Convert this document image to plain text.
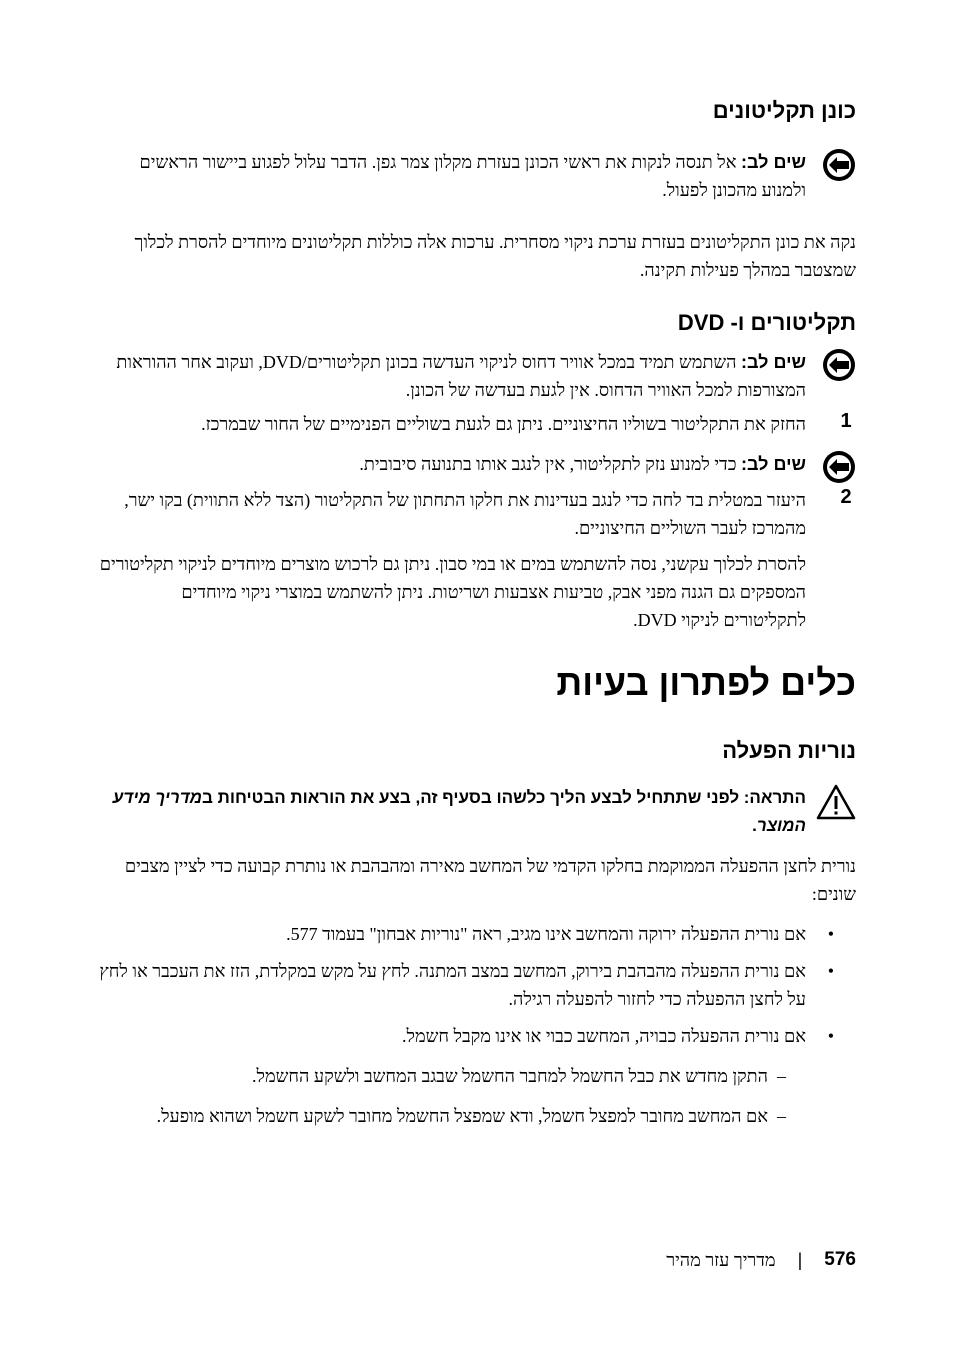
כונן תקליטונים
שים לב: אל תנסה לנקות את ראשי הכונן בעזרת מקלון צמר גפן. הדבר עלול לפגוע ביישור הראשים ולמנוע מהכונן לפעול.
נקה את כונן התקליטונים בעזרת ערכת ניקוי מסחרית. ערכות אלה כוללות תקליטונים מיוחדים להסרת לכלוך שמצטבר במהלך פעילות תקינה.
תקליטורים ו- DVD
שים לב: השתמש תמיד במכל אוויר דחוס לניקוי העדשה בכונן תקליטורים/DVD, ועקוב אחר ההוראות המצורפות למכל האוויר הדחוס. אין לגעת בעדשה של הכונן.
1
החזק את התקליטור בשוליו החיצוניים. ניתן גם לגעת בשוליים הפנימיים של החור שבמרכז.
שים לב: כדי למנוע נזק לתקליטור, אין לנגב אותו בתנועה סיבובית.
2
היעזר במטלית בד לחה כדי לנגב בעדינות את חלקו התחתון של התקליטור (הצד ללא התווית) בקו ישר, מהמרכז לעבר השוליים החיצוניים.
להסרת לכלוך עקשני, נסה להשתמש במים או במי סבון. ניתן גם לרכוש מוצרים מיוחדים לניקוי תקליטורים המספקים גם הגנה מפני אבק, טביעות אצבעות ושריטות. ניתן להשתמש במוצרי ניקוי מיוחדים לתקליטורים לניקוי DVD.
כלים לפתרון בעיות
נוריות הפעלה
התראה: לפני שתתחיל לבצע הליך כלשהו בסעיף זה, בצע את הוראות הבטיחות במדריך מידע המוצר.
נורית לחצן ההפעלה הממוקמת בחלקו הקדמי של המחשב מאירה ומהבהבת או נותרת קבועה כדי לציין מצבים שונים:
•
אם נורית ההפעלה ירוקה והמחשב אינו מגיב, ראה "נוריות אבחון" בעמוד 577.
•
אם נורית ההפעלה מהבהבת בירוק, המחשב במצב המתנה. לחץ על מקש במקלדת, הזז את העכבר או לחץ על לחצן ההפעלה כדי לחזור להפעלה רגילה.
•
אם נורית ההפעלה כבויה, המחשב כבוי או אינו מקבל חשמל.
–
התקן מחדש את כבל החשמל למחבר החשמל שבגב המחשב ולשקע החשמל.
–
אם המחשב מחובר למפצל חשמל, ודא שמפצל החשמל מחובר לשקע חשמל ושהוא מופעל.
576
|
מדריך עזר מהיר
